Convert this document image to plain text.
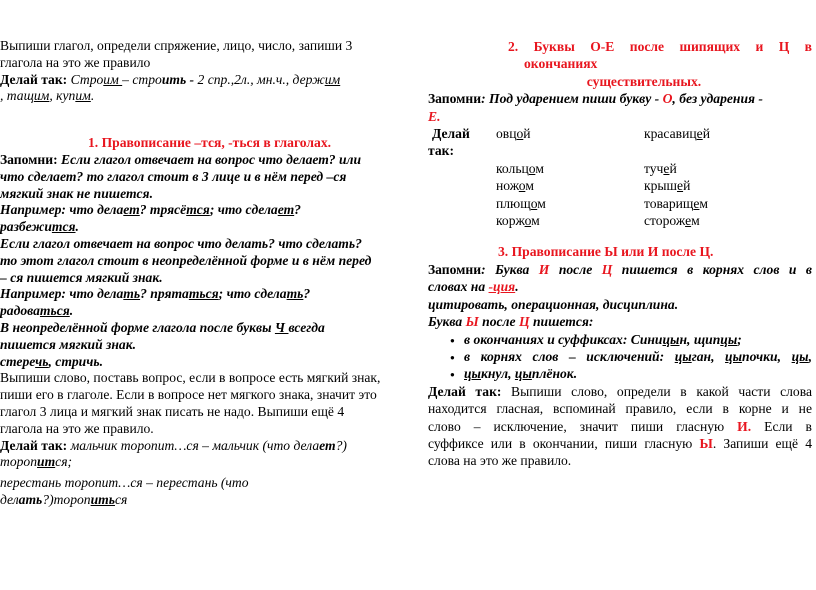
Выпиши глагол, определи спряжение, лицо, число, запиши 3

глагола на это же правило

Делай так: Строим – строить - 2 спр.,2л., мн.ч., держим

, тащим, купим.

1. Правописание –тся, -ться в глаголах.

Запомни: Если глагол отвечает на вопрос что делает? или

что сделает? то глагол стоит в 3 лице и в нём перед –ся

мягкий знак не пишется.

Например: что делает? трясётся; что сделает?

разбежится.

Если глагол отвечает на вопрос что делать? что сделать?

то этот глагол стоит в неопределённой форме и в нём перед

– ся пишется мягкий знак.

Например: что делать? прятаться; что сделать?

радоваться.

В неопределённой форме глагола после буквы Ч всегда

пишется мягкий знак.

стеречь, стричь.

Выпиши слово, поставь вопрос, если в вопросе есть мягкий знак,

пиши его в глаголе. Если в вопросе нет мягкого знака, значит это

глагол 3 лица и мягкий знак писать не надо. Выпиши ещё 4

глагола на это же правило.

Делай так: мальчик торопит…ся – мальчик (что делает?)

торопится;

перестань торопит…ся – перестань (что

делать?)торопиться

2. Буквы О-Е после шипящих и Ц в

окончаниях

существительных.

Запомни: Под ударением пиши букву - О, без ударения -

Е.

Делай так:	овцой	красавицей
	кольцом	тучей
	ножом	крышей
	плющом	товарищем
	коржом	сторожем

3. Правописание Ы или И после Ц.

Запомни: Буква И после Ц пишется в корнях слов и в

словах на -ция.

цитировать, операционная, дисциплина.

Буква Ы после Ц пишется:

● в окончаниях и суффиксах: Синицын, щипцы;
● в корнях слов – исключений: цыган, цыпочки, цы,
● цыкнул, цыплёнок.

Делай так: Выпиши слово, определи в какой части слова

находится гласная, вспоминай правило, если в корне и не

слово – исключение, значит пиши гласную И. Если в

суффиксе или в окончании, пиши гласную Ы. Запиши ещё 4

слова на это же правило.
